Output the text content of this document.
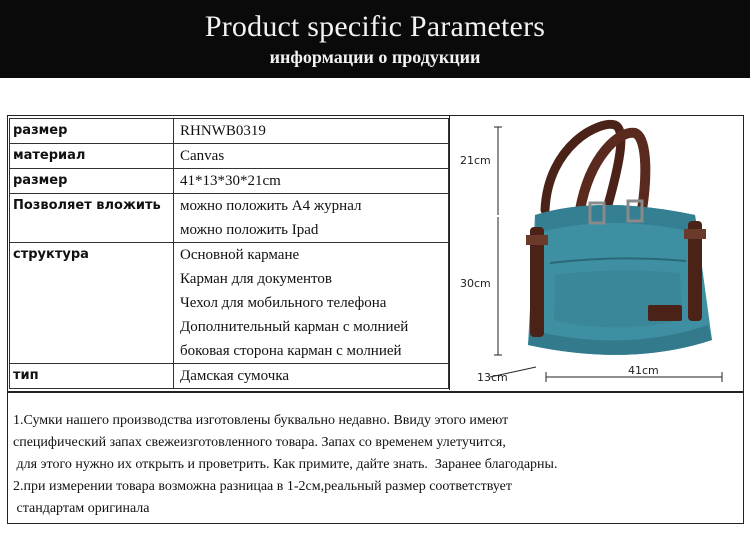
Product specific Parameters
информации о продукции
размер	RHNWB0319

материал	Canvas

размер	41*13*30*21cm

Позволяет вложить	можно положить A4 журнал
можно положить Ipad

структура	Основной кармане
Карман для документов
Чехол для мобильного телефона
Дополнительный карман с молнией
боковая сторона карман с молнией

тип	Дамская сумочка
21cm
30cm
13cm
41cm
1.Сумки нашего производства изготовлены буквально недавно. Ввиду этого имеют
специфический запах свежеизготовленного товара. Запах со временем улетучится,
для этого нужно их открыть и проветрить. Как примите, дайте знать.  Заранее благодарны.
2.при измерении товара возможна разницаа в 1-2см,реальный размер соответствует
стандартам оригинала
